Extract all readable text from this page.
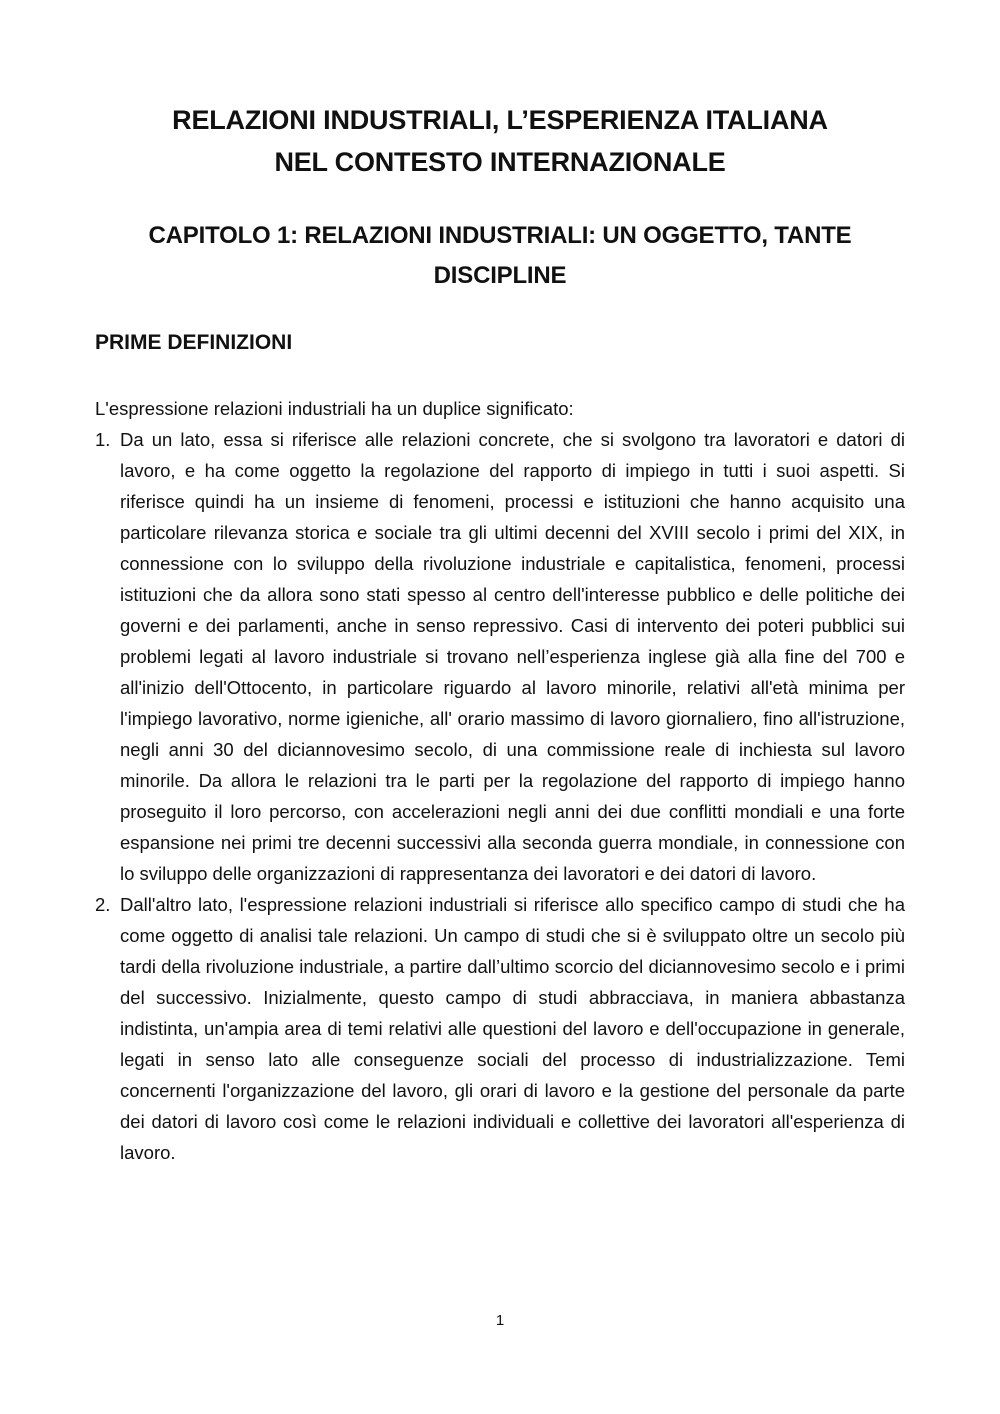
RELAZIONI INDUSTRIALI, L’ESPERIENZA ITALIANA
NEL CONTESTO INTERNAZIONALE
CAPITOLO 1: RELAZIONI INDUSTRIALI: UN OGGETTO, TANTE
DISCIPLINE
PRIME DEFINIZIONI

L'espressione relazioni industriali ha un duplice significato:

1. Da un lato, essa si riferisce alle relazioni concrete, che si svolgono tra lavoratori e datori di lavoro, e ha come oggetto la regolazione del rapporto di impiego in tutti i suoi aspetti. Si riferisce quindi ha un insieme di fenomeni, processi e istituzioni che hanno acquisito una particolare rilevanza storica e sociale tra gli ultimi decenni del XVIII secolo i primi del XIX, in connessione con lo sviluppo della rivoluzione industriale e capitalistica, fenomeni, processi istituzioni che da allora sono stati spesso al centro dell'interesse pubblico e delle politiche dei governi e dei parlamenti, anche in senso repressivo. Casi di intervento dei poteri pubblici sui problemi legati al lavoro industriale si trovano nell’esperienza inglese già alla fine del 700 e all'inizio dell'Ottocento, in particolare riguardo al lavoro minorile, relativi all'età minima per l'impiego lavorativo, norme igieniche, all' orario massimo di lavoro giornaliero, fino all'istruzione, negli anni 30 del diciannovesimo secolo, di una commissione reale di inchiesta sul lavoro minorile. Da allora le relazioni tra le parti per la regolazione del rapporto di impiego hanno proseguito il loro percorso, con accelerazioni negli anni dei due conflitti mondiali e una forte espansione nei primi tre decenni successivi alla seconda guerra mondiale, in connessione con lo sviluppo delle organizzazioni di rappresentanza dei lavoratori e dei datori di lavoro.
2. Dall'altro lato, l'espressione relazioni industriali si riferisce allo specifico campo di studi che ha come oggetto di analisi tale relazioni. Un campo di studi che si è sviluppato oltre un secolo più tardi della rivoluzione industriale, a partire dall’ultimo scorcio del diciannovesimo secolo e i primi del successivo. Inizialmente, questo campo di studi abbracciava, in maniera abbastanza indistinta, un'ampia area di temi relativi alle questioni del lavoro e dell'occupazione in generale, legati in senso lato alle conseguenze sociali del processo di industrializzazione. Temi concernenti l'organizzazione del lavoro, gli orari di lavoro e la gestione del personale da parte dei datori di lavoro così come le relazioni individuali e collettive dei lavoratori all'esperienza di lavoro.
1
